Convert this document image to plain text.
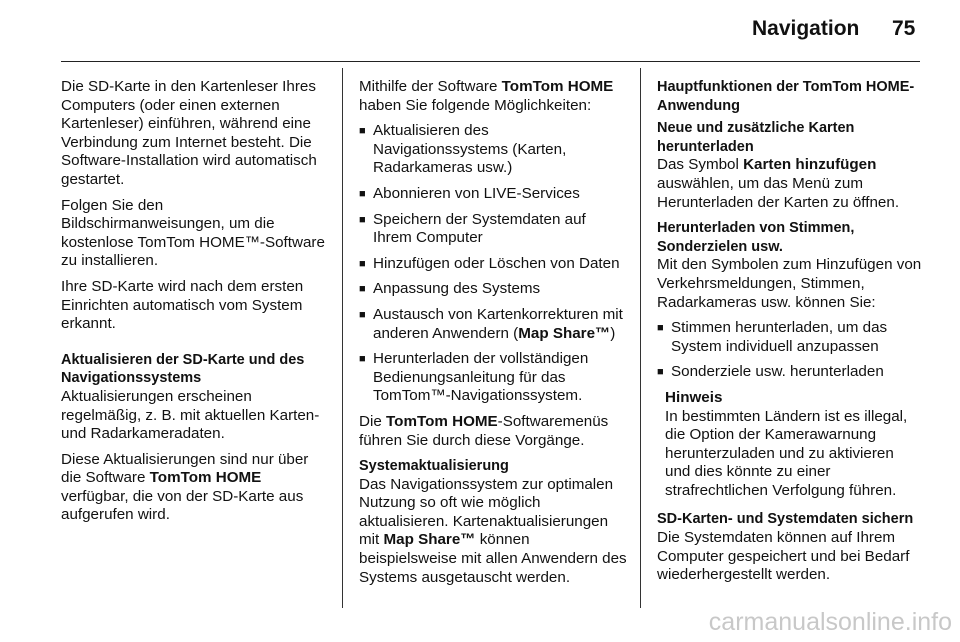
Navigation 75

Die SD-Karte in den Kartenleser Ihres Computers (oder einen externen Kartenleser) einführen, während eine Verbindung zum Internet besteht. Die Software-Installation wird automatisch gestartet.

Folgen Sie den Bildschirmanweisungen, um die kostenlose TomTom HOME™-Software zu installieren.

Ihre SD-Karte wird nach dem ersten Einrichten automatisch vom System erkannt.

Aktualisieren der SD-Karte und des Navigationssystems

Aktualisierungen erscheinen regelmäßig, z. B. mit aktuellen Karten- und Radarkameradaten.

Diese Aktualisierungen sind nur über die Software TomTom HOME verfügbar, die von der SD-Karte aus aufgerufen wird.

Mithilfe der Software TomTom HOME haben Sie folgende Möglichkeiten:

■ Aktualisieren des Navigationssystems (Karten, Radarkameras usw.)
■ Abonnieren von LIVE-Services
■ Speichern der Systemdaten auf Ihrem Computer
■ Hinzufügen oder Löschen von Daten
■ Anpassung des Systems
■ Austausch von Kartenkorrekturen mit anderen Anwendern (Map Share™)
■ Herunterladen der vollständigen Bedienungsanleitung für das TomTom™-Navigationssystem.

Die TomTom HOME-Softwaremenüs führen Sie durch diese Vorgänge.

Systemaktualisierung

Das Navigationssystem zur optimalen Nutzung so oft wie möglich aktualisieren. Kartenaktualisierungen mit Map Share™ können beispielsweise mit allen Anwendern des Systems ausgetauscht werden.

Hauptfunktionen der TomTom HOME-Anwendung
Neue und zusätzliche Karten herunterladen

Das Symbol Karten hinzufügen auswählen, um das Menü zum Herunterladen der Karten zu öffnen.

Herunterladen von Stimmen, Sonderzielen usw.

Mit den Symbolen zum Hinzufügen von Verkehrsmeldungen, Stimmen, Radarkameras usw. können Sie:

■ Stimmen herunterladen, um das System individuell anzupassen
■ Sonderziele usw. herunterladen
Hinweis
In bestimmten Ländern ist es illegal, die Option der Kamerawarnung herunterzuladen und zu aktivieren und dies könnte zu einer strafrechtlichen Verfolgung führen.
SD-Karten- und Systemdaten sichern

Die Systemdaten können auf Ihrem Computer gespeichert und bei Bedarf wiederhergestellt werden.

carmanualsonline.info
